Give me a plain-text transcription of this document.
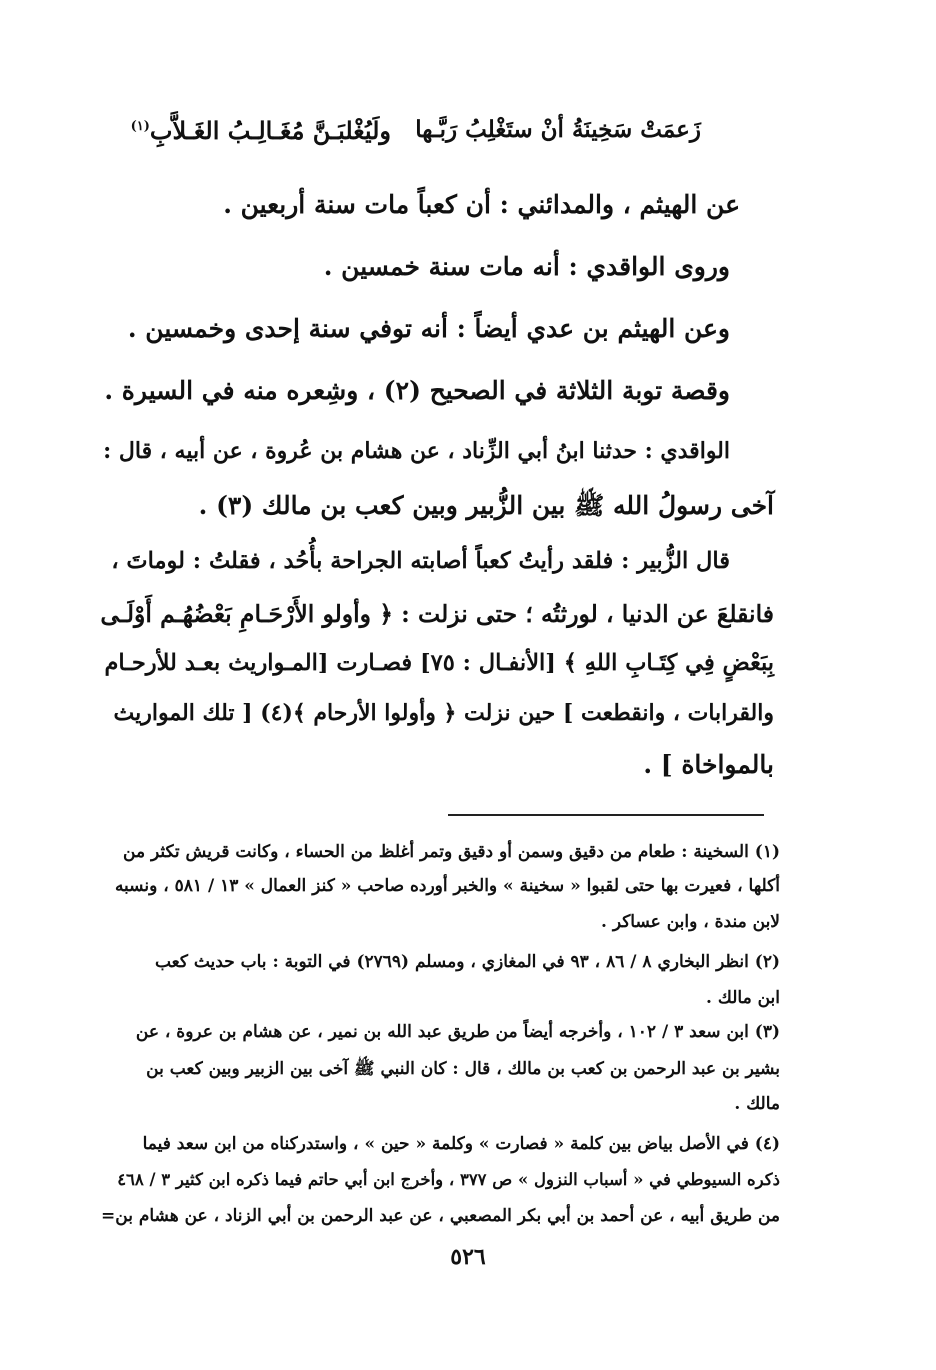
زَعمَتْ سَخِينَةُ أنْ ستَغْلِبُ رَبَّـها
ولَيُغْلبَـنَّ مُغَـالِـبُ الغَـلاَّبِ$^{(١)}$
عن الهيثم ، والمدائني : أن كعباً مات سنة أربعين .
وروى الواقدي : أنه مات سنة خمسين .
وعن الهيثم بن عدي أيضاً : أنه توفي سنة إحدى وخمسين .
وقصة توبة الثلاثة في الصحيح (٢) ، وشِعره منه في السيرة .
الواقدي : حدثنا ابنُ أبي الزِّناد ، عن هشام بن عُروة ، عن أبيه ، قال :
آخى رسولُ الله ﷺ بين الزُّبير وبين كعب بن مالك (٣) .
قال الزُّبير : فلقد رأيتُ كعباً أصابته الجراحة بأُحُد ، فقلتُ : لوماتَ ،
فانقلعَ عن الدنيا ، لورثتُه ؛ حتى نزلت : ﴿ وأولو الأَرْحَـامِ بَعْضُهُـم أَوْلَـى
بِبَعْضٍ فِي كِتَـابِ اللهِ ﴾ [الأنفـال : ٧٥] فصـارت [المـواريث بعـد للأرحـام
والقرابات ، وانقطعت ] حين نزلت ﴿ وأولوا الأرحام ﴾(٤) [ تلك المواريث
بالمواخاة ] .
(١) السخينة : طعام من دقيق وسمن أو دقيق وتمر أغلظ من الحساء ، وكانت قريش تكثر من
أكلها ، فعيرت بها حتى لقبوا « سخينة » والخبر أورده صاحب « كنز العمال » ١٣ / ٥٨١ ، ونسبه
لابن مندة ، وابن عساكر .
(٢) انظر البخاري ٨ / ٨٦ ، ٩٣ في المغازي ، ومسلم (٢٧٦٩) في التوبة : باب حديث كعب
ابن مالك .
(٣) ابن سعد ٣ / ١٠٢ ، وأخرجه أيضاً من طريق عبد الله بن نمير ، عن هشام بن عروة ، عن
بشير بن عبد الرحمن بن كعب بن مالك ، قال : كان النبي ﷺ آخى بين الزبير وبين كعب بن
مالك .
(٤) في الأصل بياض بين كلمة « فصارت » وكلمة « حين » ، واستدركناه من ابن سعد فيما
ذكره السيوطي في « أسباب النزول » ص ٣٧٧ ، وأخرج ابن أبي حاتم فيما ذكره ابن كثير ٣ / ٤٦٨
من طريق أبيه ، عن أحمد بن أبي بكر المصعبي ، عن عبد الرحمن بن أبي الزناد ، عن هشام بن=
٥٢٦
